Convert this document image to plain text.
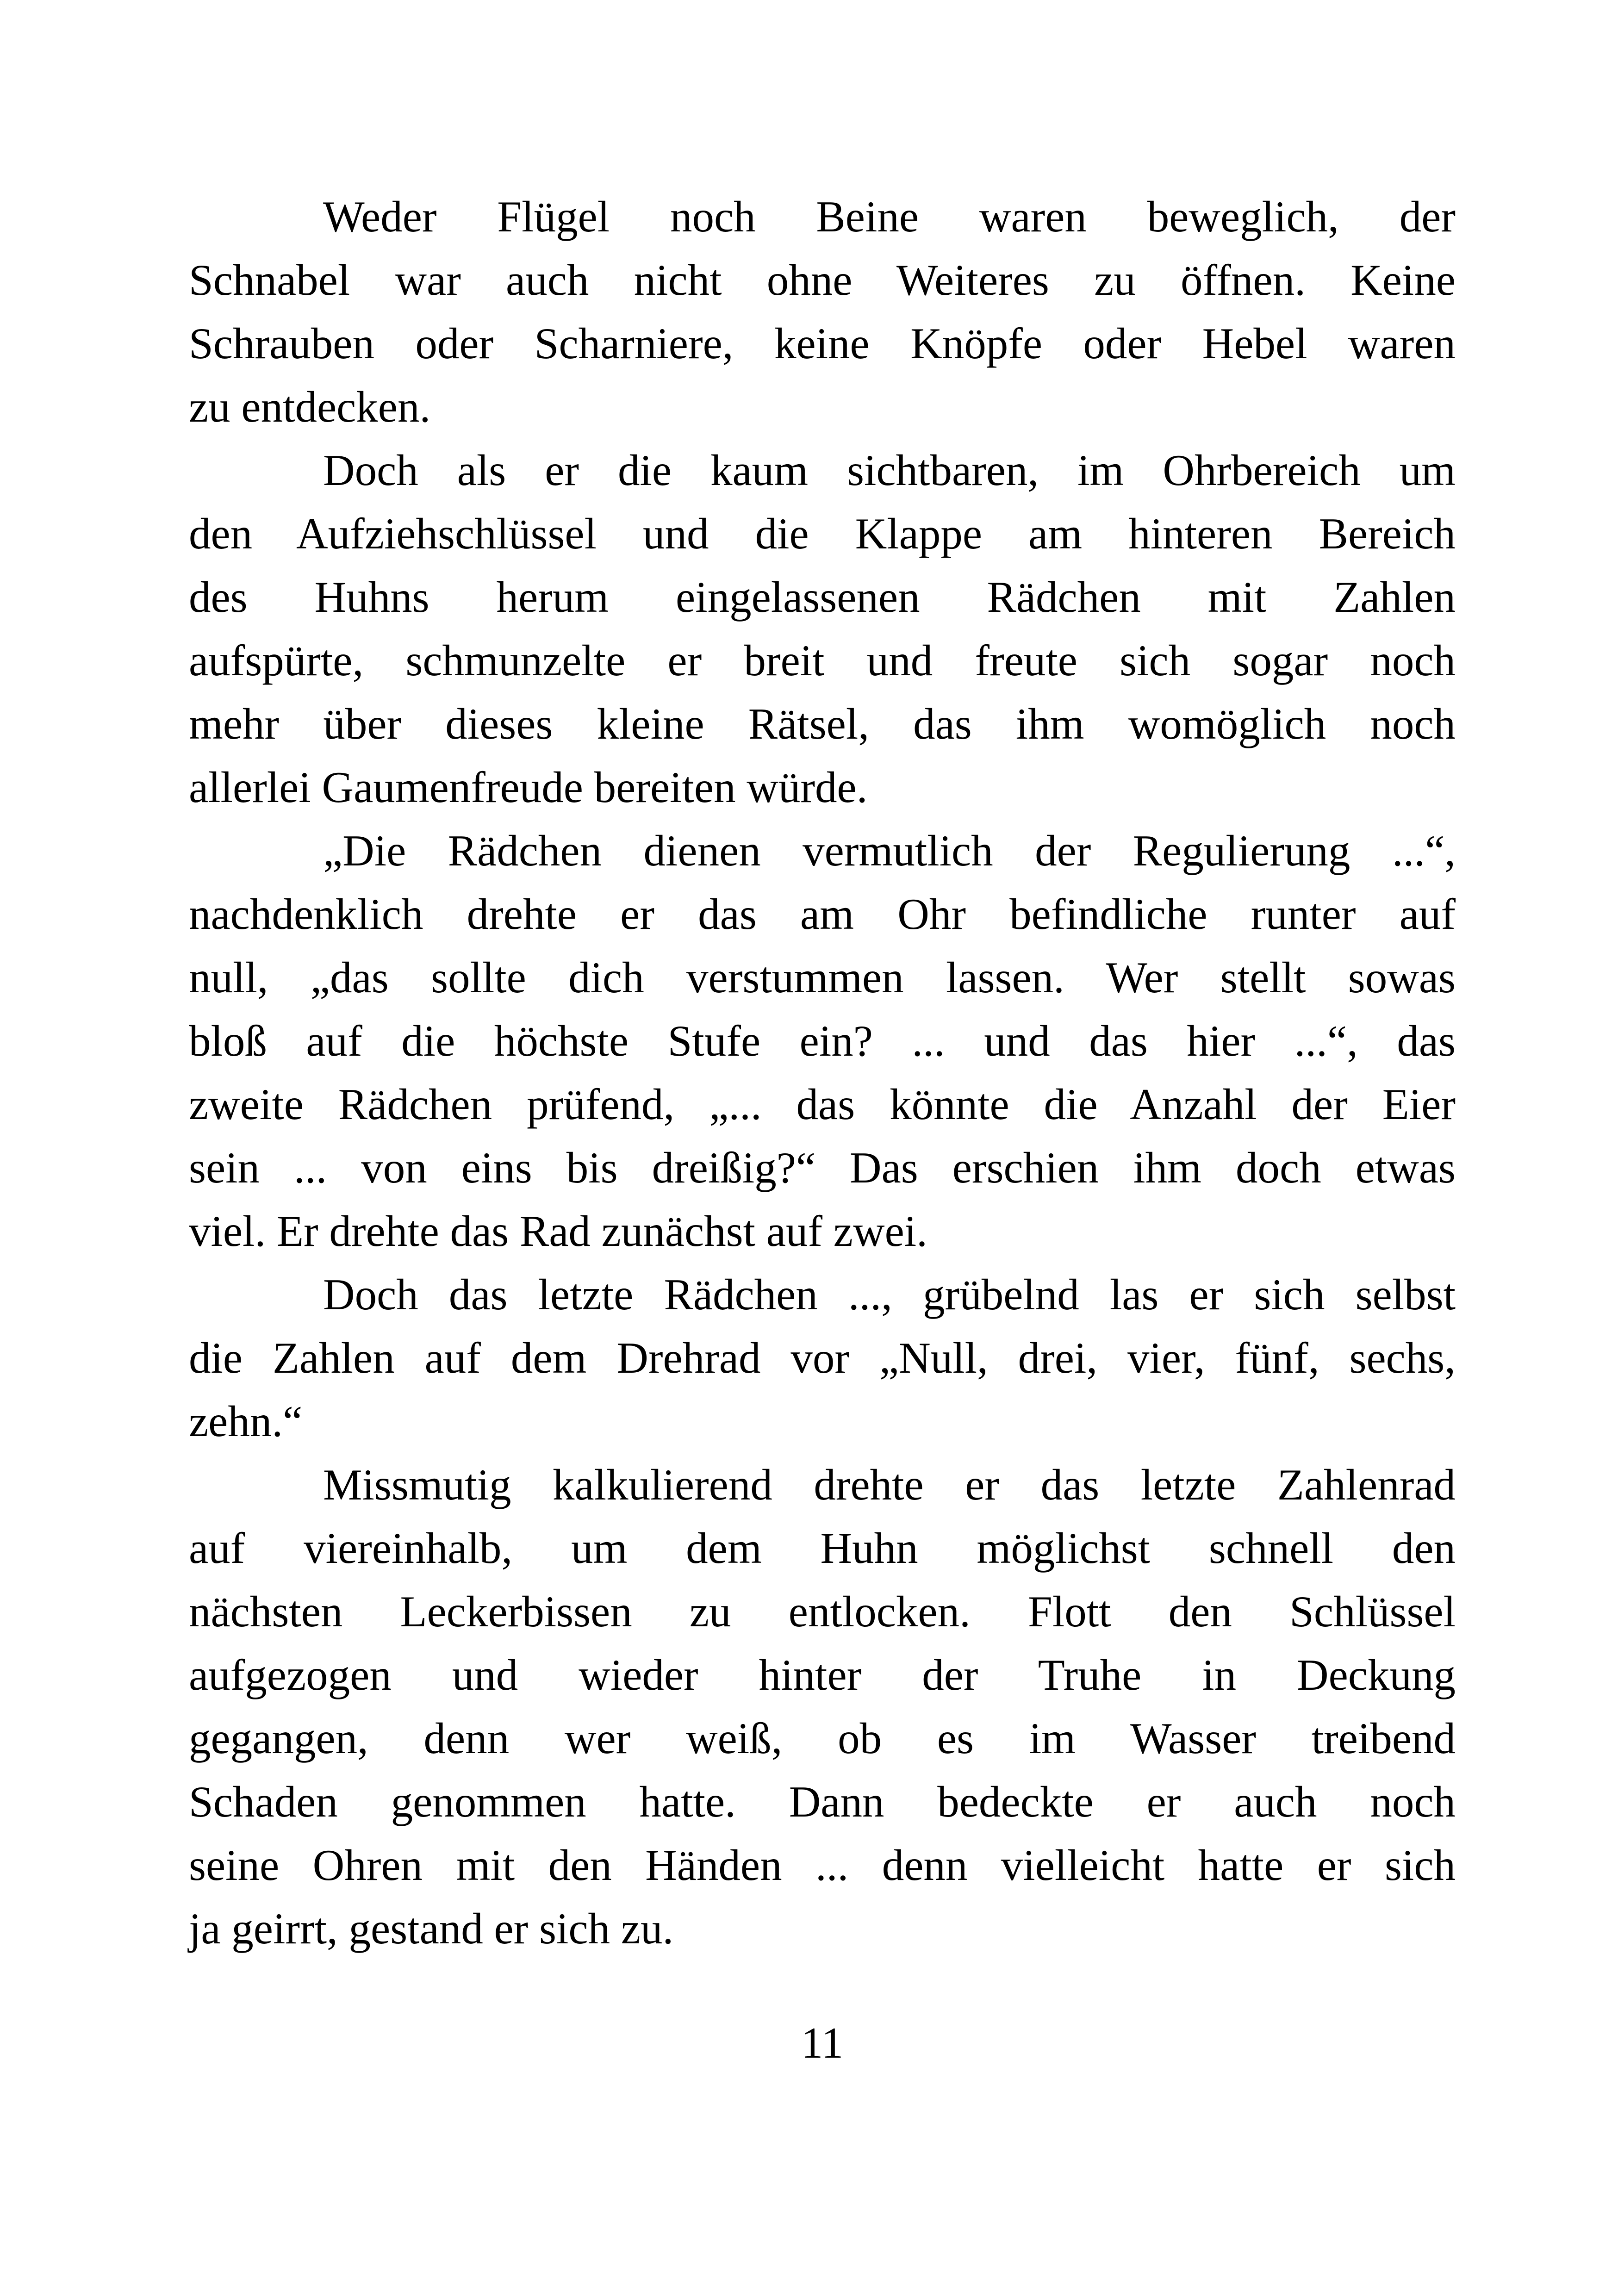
Weder Flügel noch Beine waren beweglich, der
Schnabel war auch nicht ohne Weiteres zu öffnen. Keine
Schrauben oder Scharniere, keine Knöpfe oder Hebel waren
zu entdecken.
Doch als er die kaum sichtbaren, im Ohrbereich um
den Aufziehschlüssel und die Klappe am hinteren Bereich
des Huhns herum eingelassenen Rädchen mit Zahlen
aufspürte, schmunzelte er breit und freute sich sogar noch
mehr über dieses kleine Rätsel, das ihm womöglich noch
allerlei Gaumenfreude bereiten würde.
„Die Rädchen dienen vermutlich der Regulierung ...“,
nachdenklich drehte er das am Ohr befindliche runter auf
null, „das sollte dich verstummen lassen. Wer stellt sowas
bloß auf die höchste Stufe ein? ... und das hier ...“, das
zweite Rädchen prüfend, „... das könnte die Anzahl der Eier
sein ... von eins bis dreißig?“ Das erschien ihm doch etwas
viel. Er drehte das Rad zunächst auf zwei.
Doch das letzte Rädchen ..., grübelnd las er sich selbst
die Zahlen auf dem Drehrad vor „Null, drei, vier, fünf, sechs,
zehn.“
Missmutig kalkulierend drehte er das letzte Zahlenrad
auf viereinhalb, um dem Huhn möglichst schnell den
nächsten Leckerbissen zu entlocken. Flott den Schlüssel
aufgezogen und wieder hinter der Truhe in Deckung
gegangen, denn wer weiß, ob es im Wasser treibend
Schaden genommen hatte. Dann bedeckte er auch noch
seine Ohren mit den Händen ... denn vielleicht hatte er sich
ja geirrt, gestand er sich zu.
11
